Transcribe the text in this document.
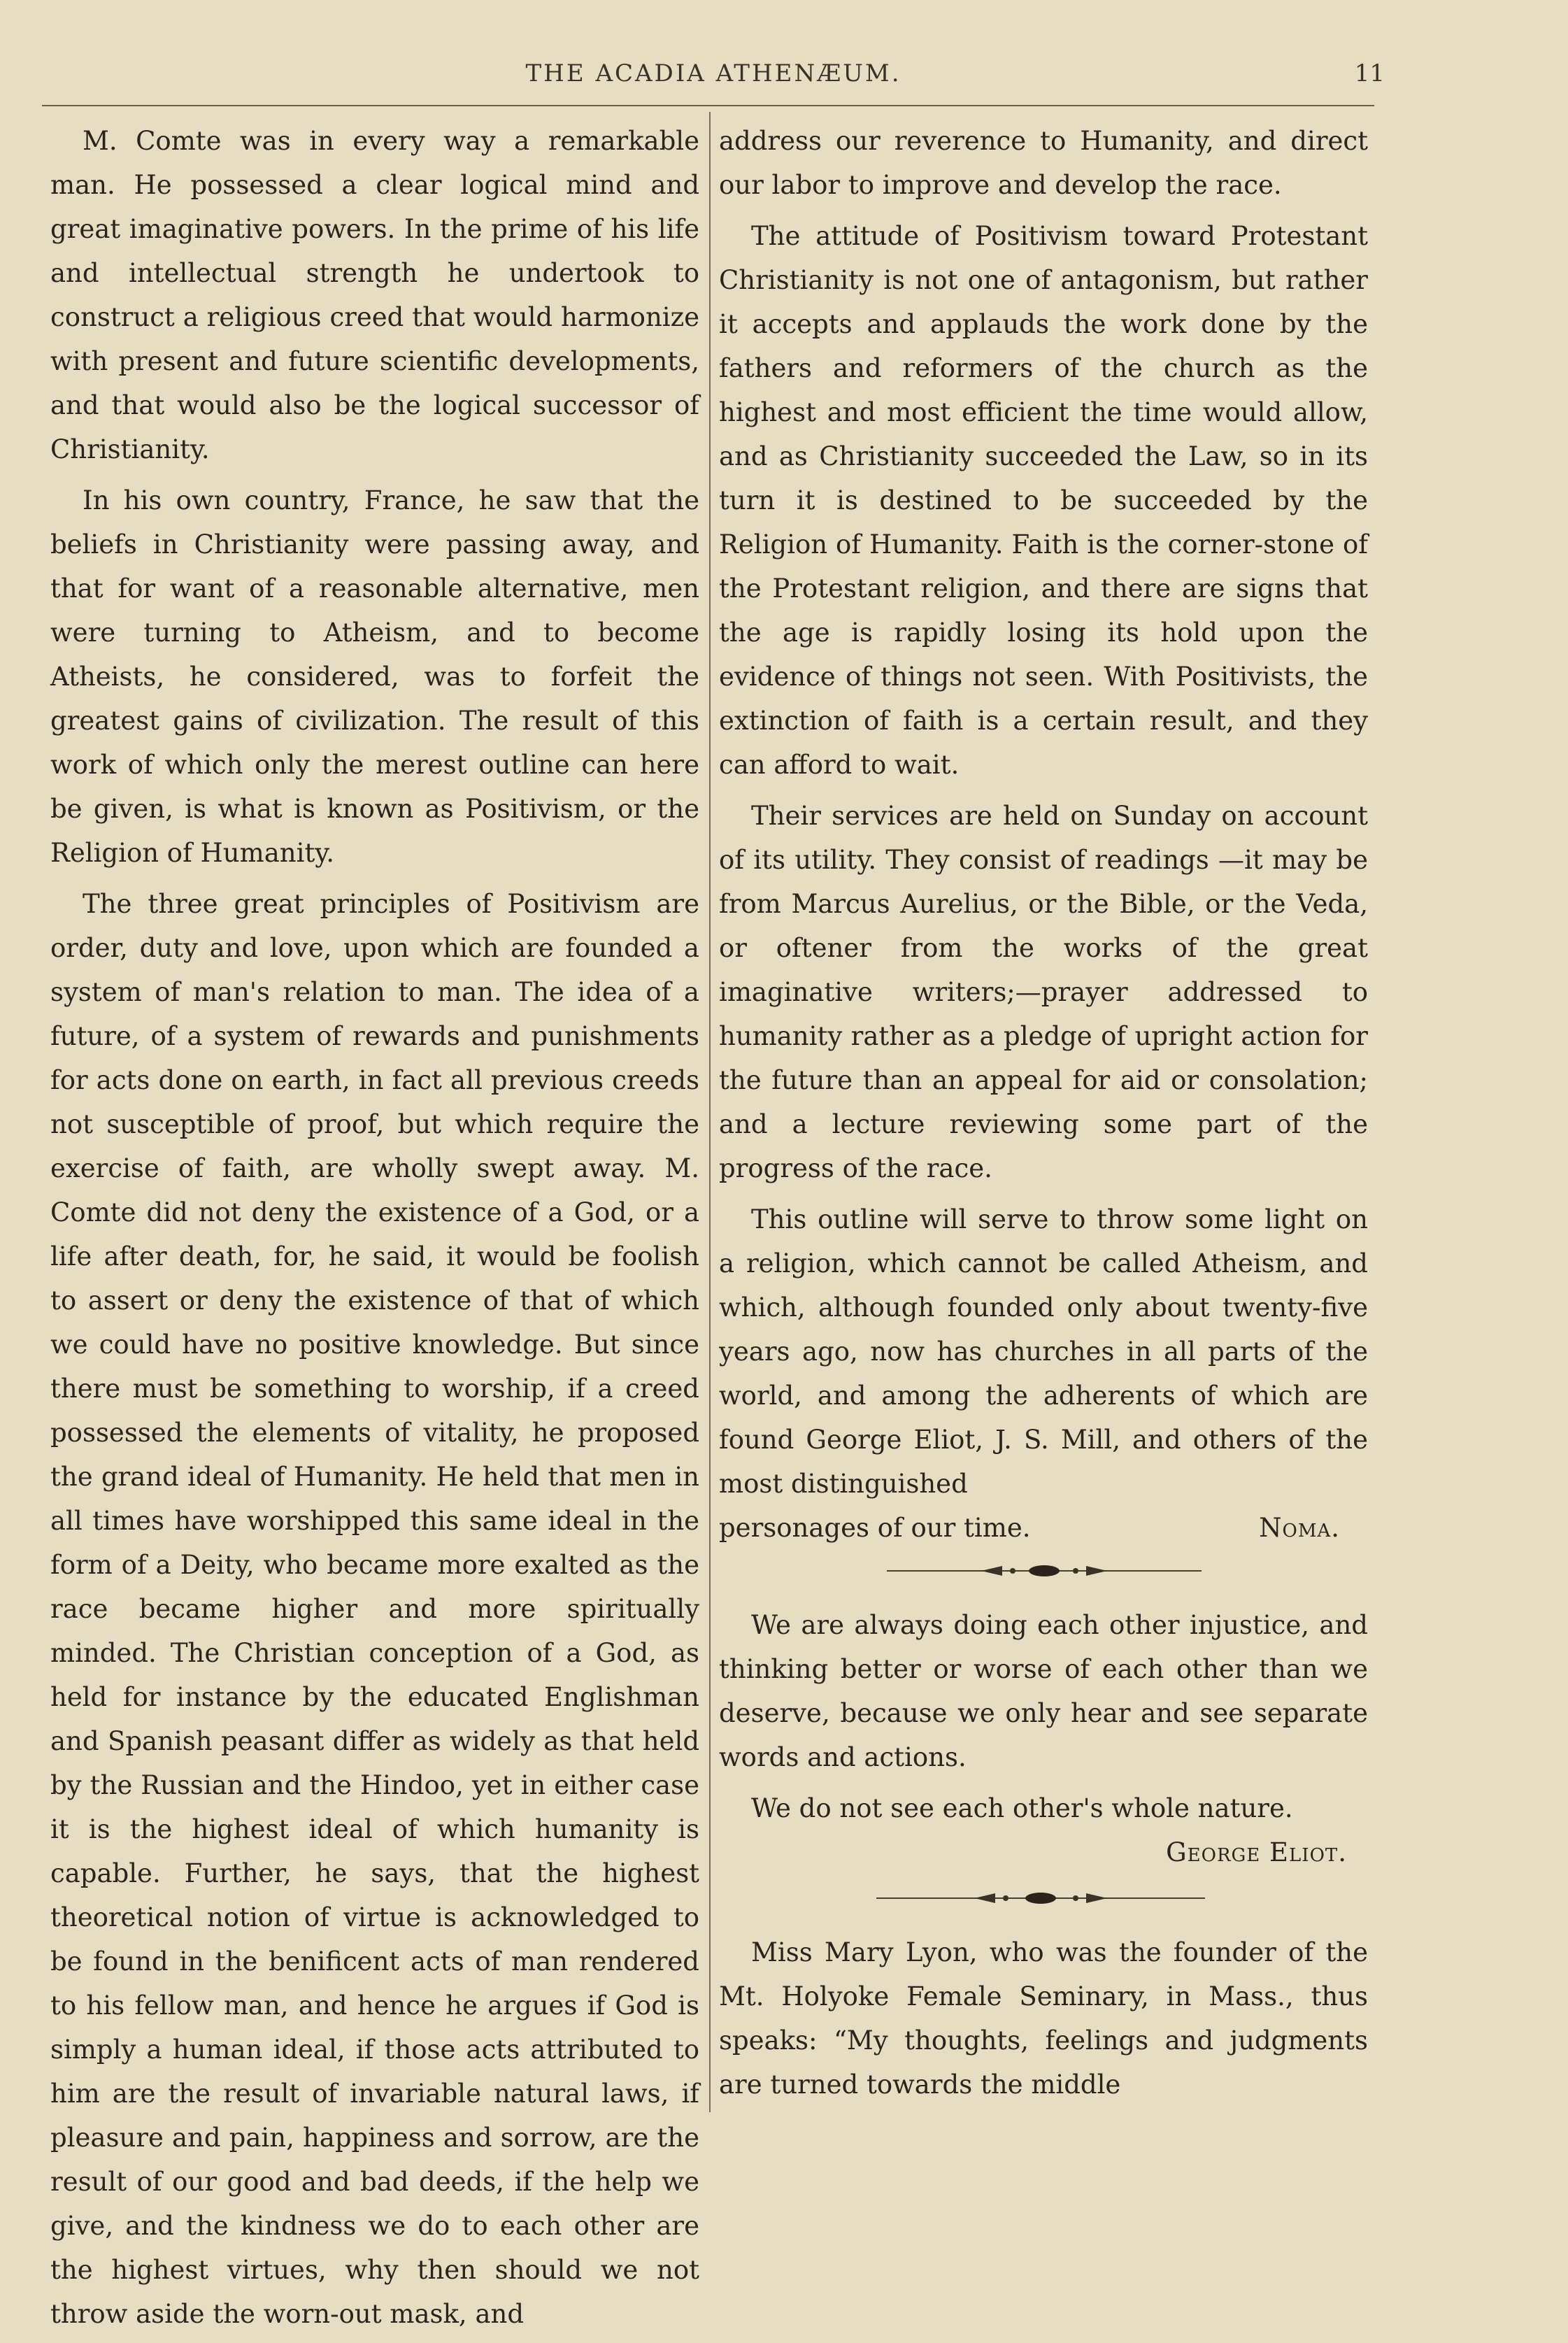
THE ACADIA ATHENÆUM.	11

M. Comte was in every way a remarkable man. He possessed a clear logical mind and great imaginative powers. In the prime of his life and intellectual strength he undertook to construct a religious creed that would harmonize with present and future scientific developments, and that would also be the logical successor of Christianity.

In his own country, France, he saw that the beliefs in Christianity were passing away, and that for want of a reasonable alternative, men were turning to Atheism, and to become Atheists, he considered, was to forfeit the greatest gains of civilization. The result of this work of which only the merest outline can here be given, is what is known as Positivism, or the Religion of Humanity.

The three great principles of Positivism are order, duty and love, upon which are founded a system of man's relation to man. The idea of a future, of a system of rewards and punishments for acts done on earth, in fact all previous creeds not susceptible of proof, but which require the exercise of faith, are wholly swept away. M. Comte did not deny the existence of a God, or a life after death, for, he said, it would be foolish to assert or deny the existence of that of which we could have no positive knowledge. But since there must be something to worship, if a creed possessed the elements of vitality, he proposed the grand ideal of Humanity. He held that men in all times have worshipped this same ideal in the form of a Deity, who became more exalted as the race became higher and more spiritually minded. The Christian conception of a God, as held for instance by the educated Englishman and Spanish peasant differ as widely as that held by the Russian and the Hindoo, yet in either case it is the highest ideal of which humanity is capable. Further, he says, that the highest theoretical notion of virtue is acknowledged to be found in the benificent acts of man rendered to his fellow man, and hence he argues if God is simply a human ideal, if those acts attributed to him are the result of invariable natural laws, if pleasure and pain, happiness and sorrow, are the result of our good and bad deeds, if the help we give, and the kindness we do to each other are the highest virtues, why then should we not throw aside the worn-out mask, and

address our reverence to Humanity, and direct our labor to improve and develop the race.

The attitude of Positivism toward Protestant Christianity is not one of antagonism, but rather it accepts and applauds the work done by the fathers and reformers of the church as the highest and most efficient the time would allow, and as Christianity succeeded the Law, so in its turn it is destined to be succeeded by the Religion of Humanity. Faith is the corner-stone of the Protestant religion, and there are signs that the age is rapidly losing its hold upon the evidence of things not seen. With Positivists, the extinction of faith is a certain result, and they can afford to wait.

Their services are held on Sunday on account of its utility. They consist of readings —it may be from Marcus Aurelius, or the Bible, or the Veda, or oftener from the works of the great imaginative writers;—prayer addressed to humanity rather as a pledge of upright action for the future than an appeal for aid or consolation; and a lecture reviewing some part of the progress of the race.

This outline will serve to throw some light on a religion, which cannot be called Atheism, and which, although founded only about twenty-five years ago, now has churches in all parts of the world, and among the adherents of which are found George Eliot, J. S. Mill, and others of the most distinguished

personages of our time.	Noma.

We are always doing each other injustice, and thinking better or worse of each other than we deserve, because we only hear and see separate words and actions.

We do not see each other's whole nature.

George Eliot.

Miss Mary Lyon, who was the founder of the Mt. Holyoke Female Seminary, in Mass., thus speaks: “My thoughts, feelings and judgments are turned towards the middle
